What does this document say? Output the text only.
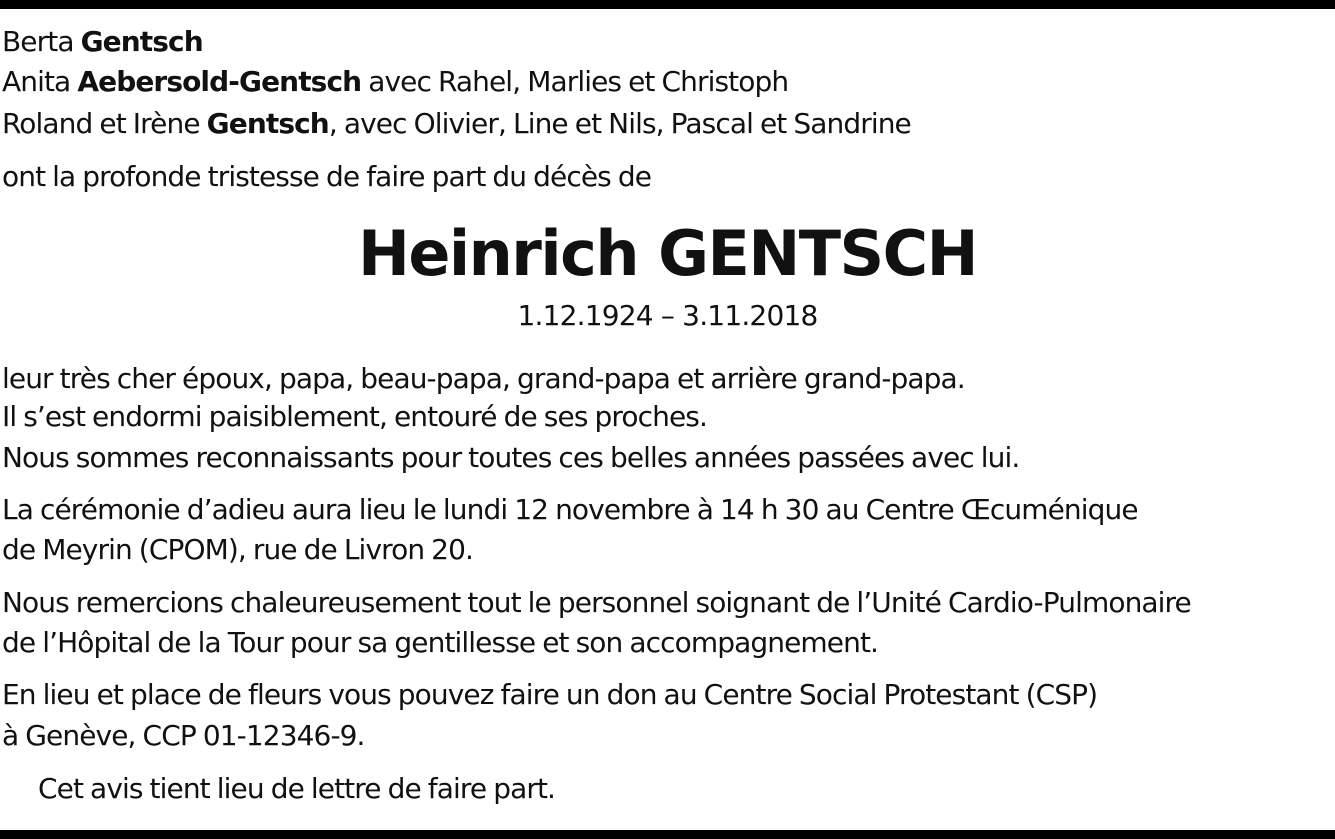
Berta Gentsch
Anita Aebersold-Gentsch avec Rahel, Marlies et Christoph
Roland et Irène Gentsch, avec Olivier, Line et Nils, Pascal et Sandrine
ont la profonde tristesse de faire part du décès de
Heinrich GENTSCH
1.12.1924 – 3.11.2018
leur très cher époux, papa, beau-papa, grand-papa et arrière grand-papa.
Il s’est endormi paisiblement, entouré de ses proches.
Nous sommes reconnaissants pour toutes ces belles années passées avec lui.
La cérémonie d’adieu aura lieu le lundi 12 novembre à 14 h 30 au Centre Œcuménique
de Meyrin (CPOM), rue de Livron 20.
Nous remercions chaleureusement tout le personnel soignant de l’Unité Cardio-Pulmonaire
de l’Hôpital de la Tour pour sa gentillesse et son accompagnement.
En lieu et place de fleurs vous pouvez faire un don au Centre Social Protestant (CSP)
à Genève, CCP 01-12346-9.
Cet avis tient lieu de lettre de faire part.
